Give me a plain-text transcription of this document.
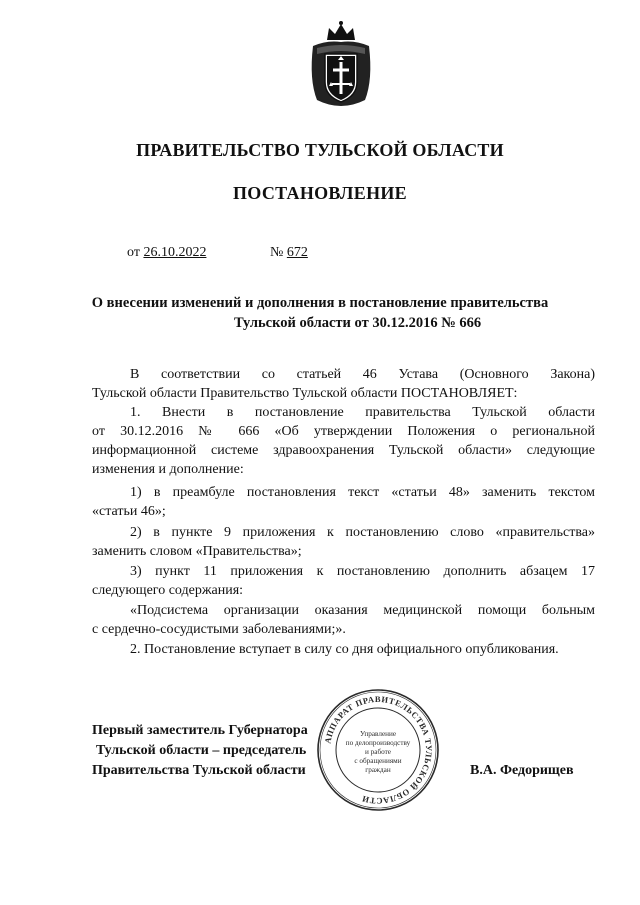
ПРАВИТЕЛЬСТВО ТУЛЬСКОЙ ОБЛАСТИ
ПОСТАНОВЛЕНИЕ
от 26.10.2022	№ 672
О внесении изменений и дополнения в постановление правительства
Тульской области от 30.12.2016 № 666
В соответствии со статьей 46 Устава (Основного Закона)
Тульской области Правительство Тульской области ПОСТАНОВЛЯЕТ:
1. Внести в постановление правительства Тульской области
от 30.12.2016 № 666 «Об утверждении Положения о региональной
информационной системе здравоохранения Тульской области» следующие
изменения и дополнение:
1) в преамбуле постановления текст «статьи 48» заменить текстом
«статьи 46»;
2) в пункте 9 приложения к постановлению слово «правительства»
заменить словом «Правительства»;
3) пункт 11 приложения к постановлению дополнить абзацем 17
следующего содержания:
«Подсистема организации оказания медицинской помощи больным
с сердечно-сосудистыми заболеваниями;».
2. Постановление вступает в силу со дня официального опубликования.
Первый заместитель Губернатора
Тульской области – председатель
Правительства Тульской области	В.А. Федорищев
АППАРАТ ПРАВИТЕЛЬСТВА ТУЛЬСКОЙ ОБЛАСТИ
Управление
по делопроизводству
и работе
с обращениями
граждан
